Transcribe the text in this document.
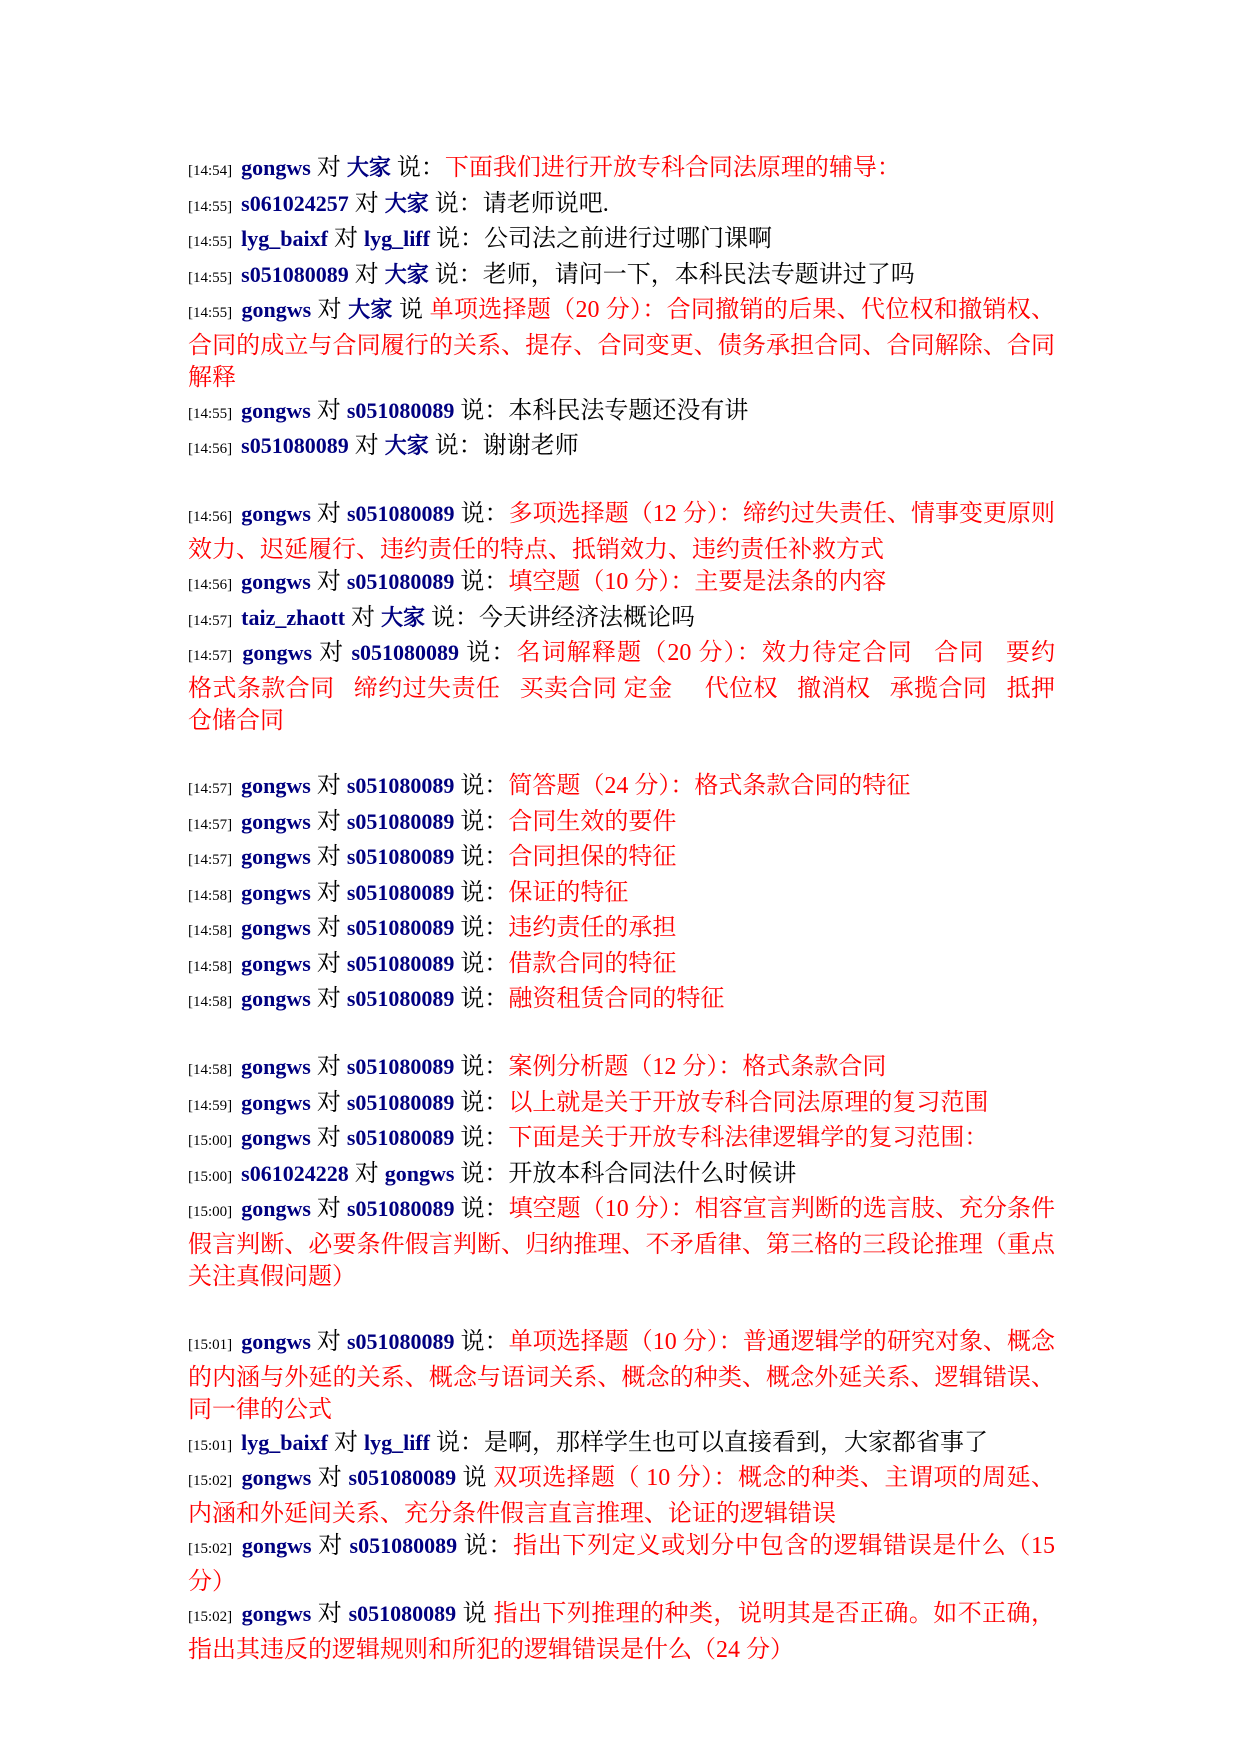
[14:54] gongws 对 大家 说：下面我们进行开放专科合同法原理的辅导：

[14:55] s061024257 对 大家 说：请老师说吧.

[14:55] lyg_baixf 对 lyg_liff 说：公司法之前进行过哪门课啊

[14:55] s051080089 对 大家 说：老师，请问一下，本科民法专题讲过了吗

[14:55] gongws 对 大家 说 单项选择题（20 分）：合同撤销的后果、代位权和撤销权、合同的成立与合同履行的关系、提存、合同变更、债务承担合同、合同解除、合同解释

[14:55] gongws 对 s051080089 说：本科民法专题还没有讲

[14:56] s051080089 对 大家 说：谢谢老师

[14:56] gongws 对 s051080089 说：多项选择题（12 分）：缔约过失责任、情事变更原则效力、迟延履行、违约责任的特点、抵销效力、违约责任补救方式

[14:56] gongws 对 s051080089 说：填空题（10 分）：主要是法条的内容

[14:57] taiz_zhaott 对 大家 说：今天讲经济法概论吗

[14:57] gongws 对 s051080089 说：名词解释题（20 分）：效力待定合同   合同   要约   格式条款合同   缔约过失责任   买卖合同 定金     代位权   撤消权   承揽合同   抵押   仓储合同

[14:57] gongws 对 s051080089 说：简答题（24 分）：格式条款合同的特征

[14:57] gongws 对 s051080089 说：合同生效的要件

[14:57] gongws 对 s051080089 说：合同担保的特征

[14:58] gongws 对 s051080089 说：保证的特征

[14:58] gongws 对 s051080089 说：违约责任的承担

[14:58] gongws 对 s051080089 说：借款合同的特征

[14:58] gongws 对 s051080089 说：融资租赁合同的特征

[14:58] gongws 对 s051080089 说：案例分析题（12 分）：格式条款合同

[14:59] gongws 对 s051080089 说：以上就是关于开放专科合同法原理的复习范围

[15:00] gongws 对 s051080089 说：下面是关于开放专科法律逻辑学的复习范围：

[15:00] s061024228 对 gongws 说：开放本科合同法什么时候讲

[15:00] gongws 对 s051080089 说：填空题（10 分）：相容宣言判断的选言肢、充分条件假言判断、必要条件假言判断、归纳推理、不矛盾律、第三格的三段论推理（重点关注真假问题）

[15:01] gongws 对 s051080089 说：单项选择题（10 分）：普通逻辑学的研究对象、概念的内涵与外延的关系、概念与语词关系、概念的种类、概念外延关系、逻辑错误、同一律的公式

[15:01] lyg_baixf 对 lyg_liff 说：是啊，那样学生也可以直接看到，大家都省事了

[15:02] gongws 对 s051080089 说 双项选择题（ 10 分）：概念的种类、主谓项的周延、内涵和外延间关系、充分条件假言直言推理、论证的逻辑错误

[15:02] gongws 对 s051080089 说：指出下列定义或划分中包含的逻辑错误是什么（15 分）

[15:02] gongws 对 s051080089 说 指出下列推理的种类，说明其是否正确。如不正确，指出其违反的逻辑规则和所犯的逻辑错误是什么（24 分）
